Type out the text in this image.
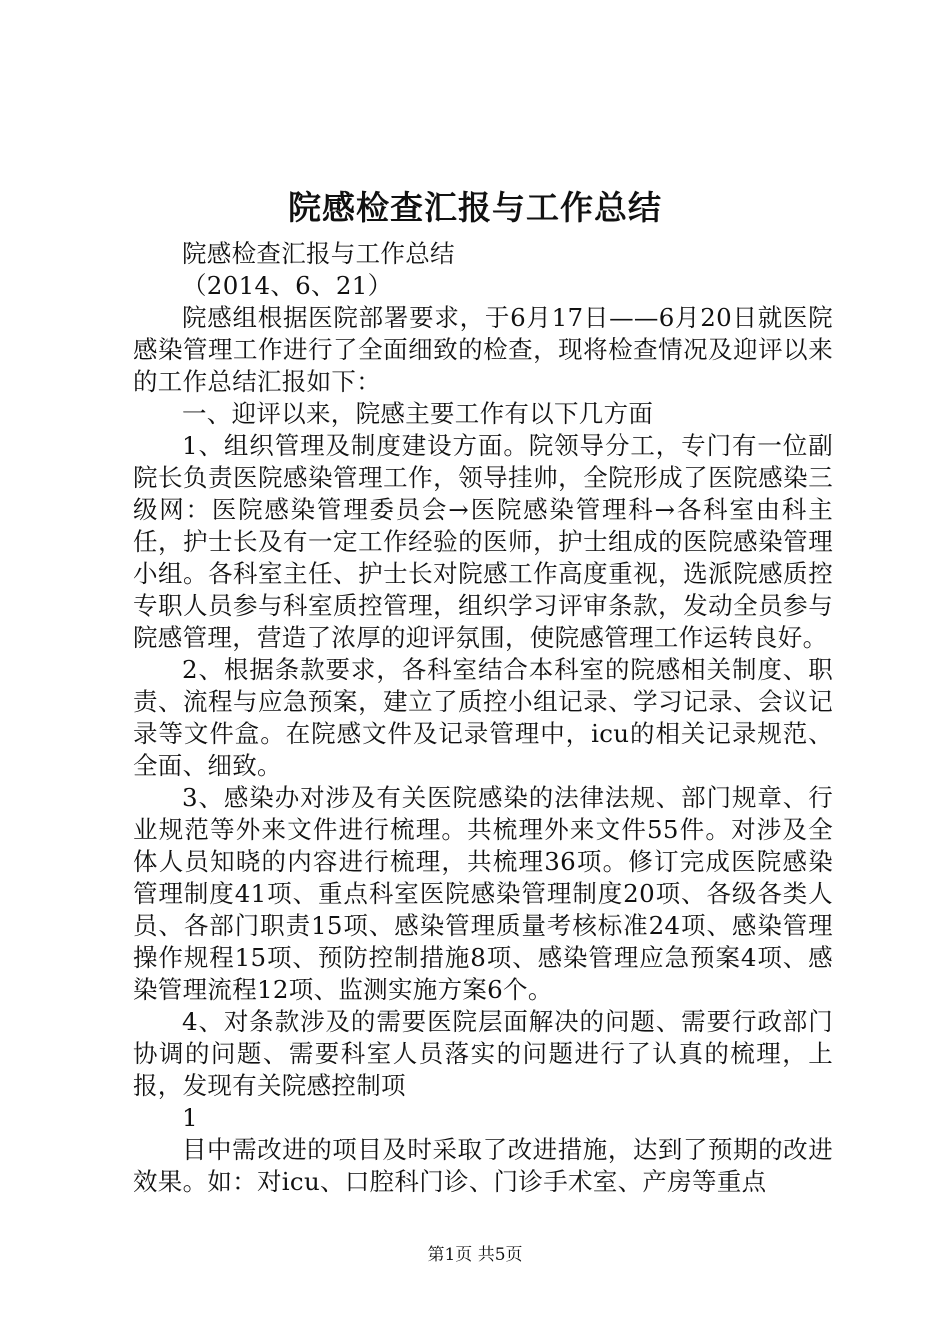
院感检查汇报与工作总结

院感检查汇报与工作总结

（2014、6、21）

院感组根据医院部署要求，于6月17日——6月20日就医院感染管理工作进行了全面细致的检查，现将检查情况及迎评以来的工作总结汇报如下：

一、迎评以来，院感主要工作有以下几方面

1、组织管理及制度建设方面。院领导分工，专门有一位副院长负责医院感染管理工作，领导挂帅，全院形成了医院感染三级网：医院感染管理委员会→医院感染管理科→各科室由科主任，护士长及有一定工作经验的医师，护士组成的医院感染管理小组。各科室主任、护士长对院感工作高度重视，选派院感质控专职人员参与科室质控管理，组织学习评审条款，发动全员参与院感管理，营造了浓厚的迎评氛围，使院感管理工作运转良好。

2、根据条款要求，各科室结合本科室的院感相关制度、职责、流程与应急预案，建立了质控小组记录、学习记录、会议记录等文件盒。在院感文件及记录管理中，icu的相关记录规范、全面、细致。

3、感染办对涉及有关医院感染的法律法规、部门规章、行业规范等外来文件进行梳理。共梳理外来文件55件。对涉及全体人员知晓的内容进行梳理，共梳理36项。修订完成医院感染管理制度41项、重点科室医院感染管理制度20项、各级各类人员、各部门职责15项、感染管理质量考核标准24项、感染管理操作规程15项、预防控制措施8项、感染管理应急预案4项、感染管理流程12项、监测实施方案6个。

4、对条款涉及的需要医院层面解决的问题、需要行政部门协调的问题、需要科室人员落实的问题进行了认真的梳理，上报，发现有关院感控制项

1

目中需改进的项目及时采取了改进措施，达到了预期的改进效果。如：对icu、口腔科门诊、门诊手术室、产房等重点

第1页 共5页
